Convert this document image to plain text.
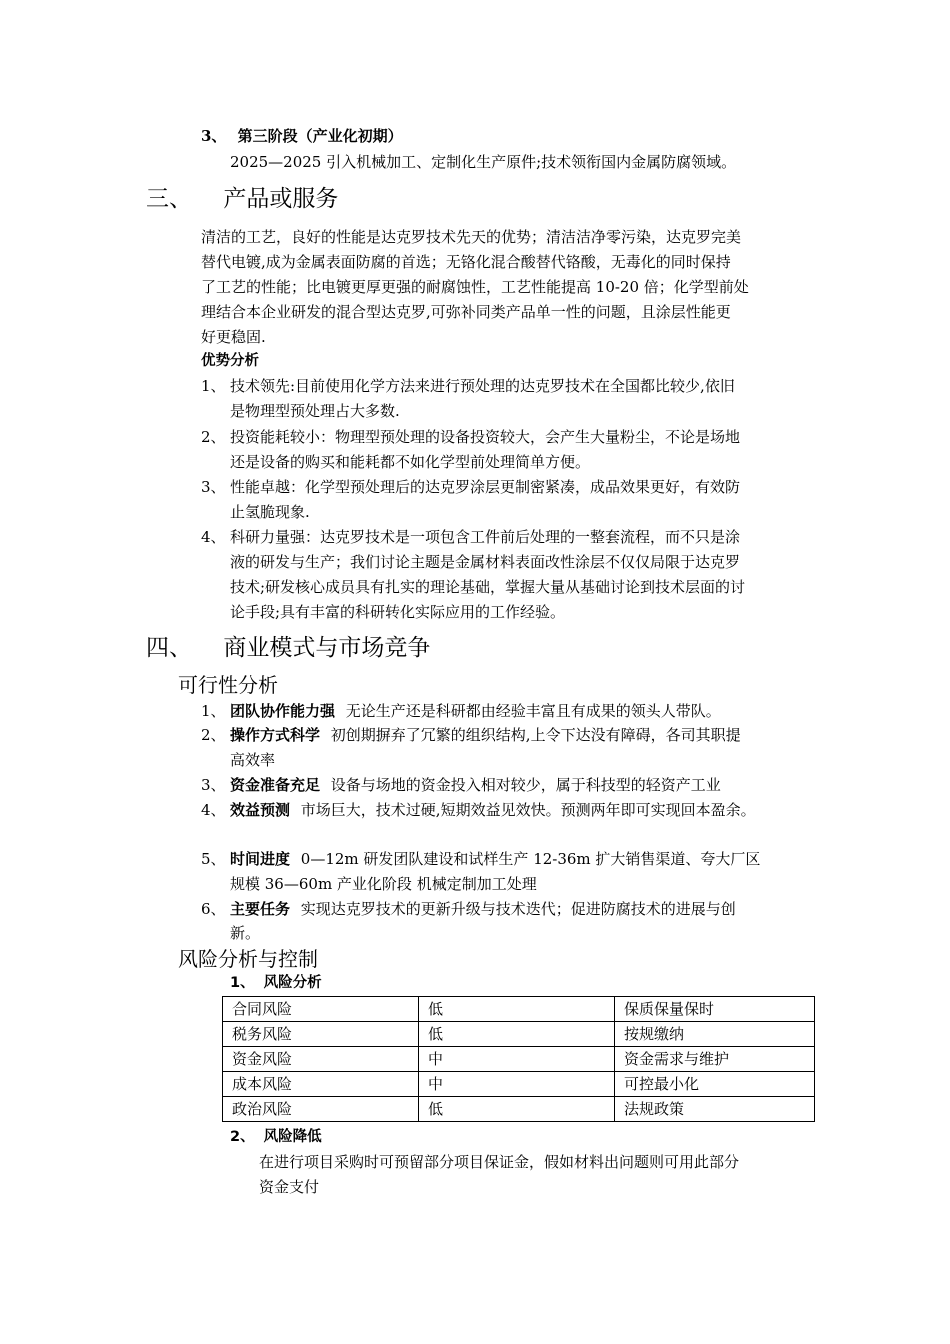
3、 第三阶段（产业化初期）
2025—2025 引入机械加工、定制化生产原件;技术领衔国内金属防腐领域。
三、 产品或服务
清洁的工艺，良好的性能是达克罗技术先天的优势；清洁洁净零污染，达克罗完美
替代电镀,成为金属表面防腐的首选；无铬化混合酸替代铬酸，无毒化的同时保持
了工艺的性能；比电镀更厚更强的耐腐蚀性，工艺性能提高 10-20 倍；化学型前处
理结合本企业研发的混合型达克罗,可弥补同类产品单一性的问题，且涂层性能更
好更稳固.
优势分析
1、 技术领先:目前使用化学方法来进行预处理的达克罗技术在全国都比较少,依旧
是物理型预处理占大多数.
2、 投资能耗较小：物理型预处理的设备投资较大，会产生大量粉尘，不论是场地
还是设备的购买和能耗都不如化学型前处理简单方便。
3、 性能卓越：化学型预处理后的达克罗涂层更制密紧凑，成品效果更好，有效防
止氢脆现象.
4、 科研力量强：达克罗技术是一项包含工件前后处理的一整套流程，而不只是涂
液的研发与生产；我们讨论主题是金属材料表面改性涂层不仅仅局限于达克罗
技术;研发核心成员具有扎实的理论基础，掌握大量从基础讨论到技术层面的讨
论手段;具有丰富的科研转化实际应用的工作经验。
四、 商业模式与市场竞争
可行性分析
1、 团队协作能力强 无论生产还是科研都由经验丰富且有成果的领头人带队。
2、 操作方式科学 初创期摒弃了冗繁的组织结构,上令下达没有障碍，各司其职提
高效率
3、 资金准备充足 设备与场地的资金投入相对较少，属于科技型的轻资产工业
4、 效益预测 市场巨大，技术过硬,短期效益见效快。预测两年即可实现回本盈余。
5、 时间进度 0—12m 研发团队建设和试样生产 12-36m 扩大销售渠道、夸大厂区
规模 36—60m 产业化阶段 机械定制加工处理
6、 主要任务 实现达克罗技术的更新升级与技术迭代；促进防腐技术的进展与创
新。
风险分析与控制
1、 风险分析
合同风险	低	保质保量保时
税务风险	低	按规缴纳
资金风险	中	资金需求与维护
成本风险	中	可控最小化
政治风险	低	法规政策
2、 风险降低
在进行项目采购时可预留部分项目保证金，假如材料出问题则可用此部分
资金支付
